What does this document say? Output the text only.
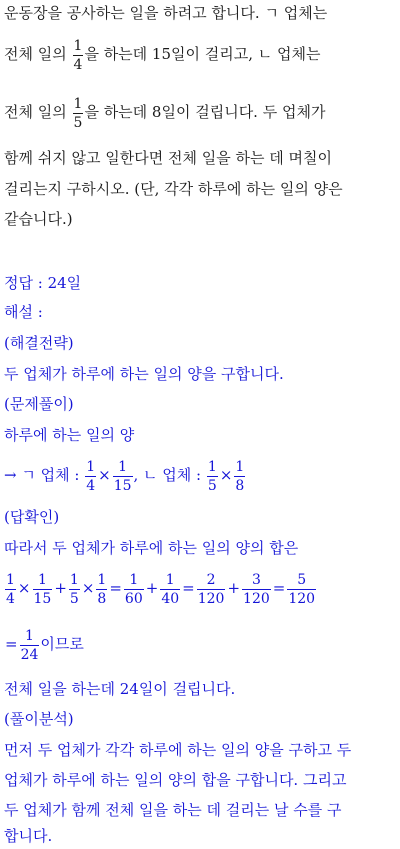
운동장을 공사하는 일을 하려고 합니다. ㄱ 업체는
전체 일의 $\frac{1}{4}$ 을 하는데 15일이 걸리고, ㄴ 업체는
전체 일의 $\frac{1}{5}$ 을 하는데 8일이 걸립니다. 두 업체가
함께 쉬지 않고 일한다면 전체 일을 하는 데 며칠이
걸리는지 구하시오. (단, 각각 하루에 하는 일의 양은
같습니다.)
정답 : 24일
해설 :
(해결전략)
두 업체가 하루에 하는 일의 양을 구합니다.
(문제풀이)
하루에 하는 일의 양
→ ㄱ 업체 : $\frac{1}{4} \times \frac{1}{15}$ , ㄴ 업체 : $\frac{1}{5} \times \frac{1}{8}$
(답확인)
따라서 두 업체가 하루에 하는 일의 양의 합은
$\frac{1}{4} \times \frac{1}{15} + \frac{1}{5} \times \frac{1}{8} = \frac{1}{60} + \frac{1}{40} = \frac{2}{120} + \frac{3}{120} = \frac{5}{120}$
= $\frac{1}{24}$ 이므로
전체 일을 하는데 24일이 걸립니다.
(풀이분석)
먼저 두 업체가 각각 하루에 하는 일의 양을 구하고 두
업체가 하루에 하는 일의 양의 합을 구합니다. 그리고
두 업체가 함께 전체 일을 하는 데 걸리는 날 수를 구
합니다.
